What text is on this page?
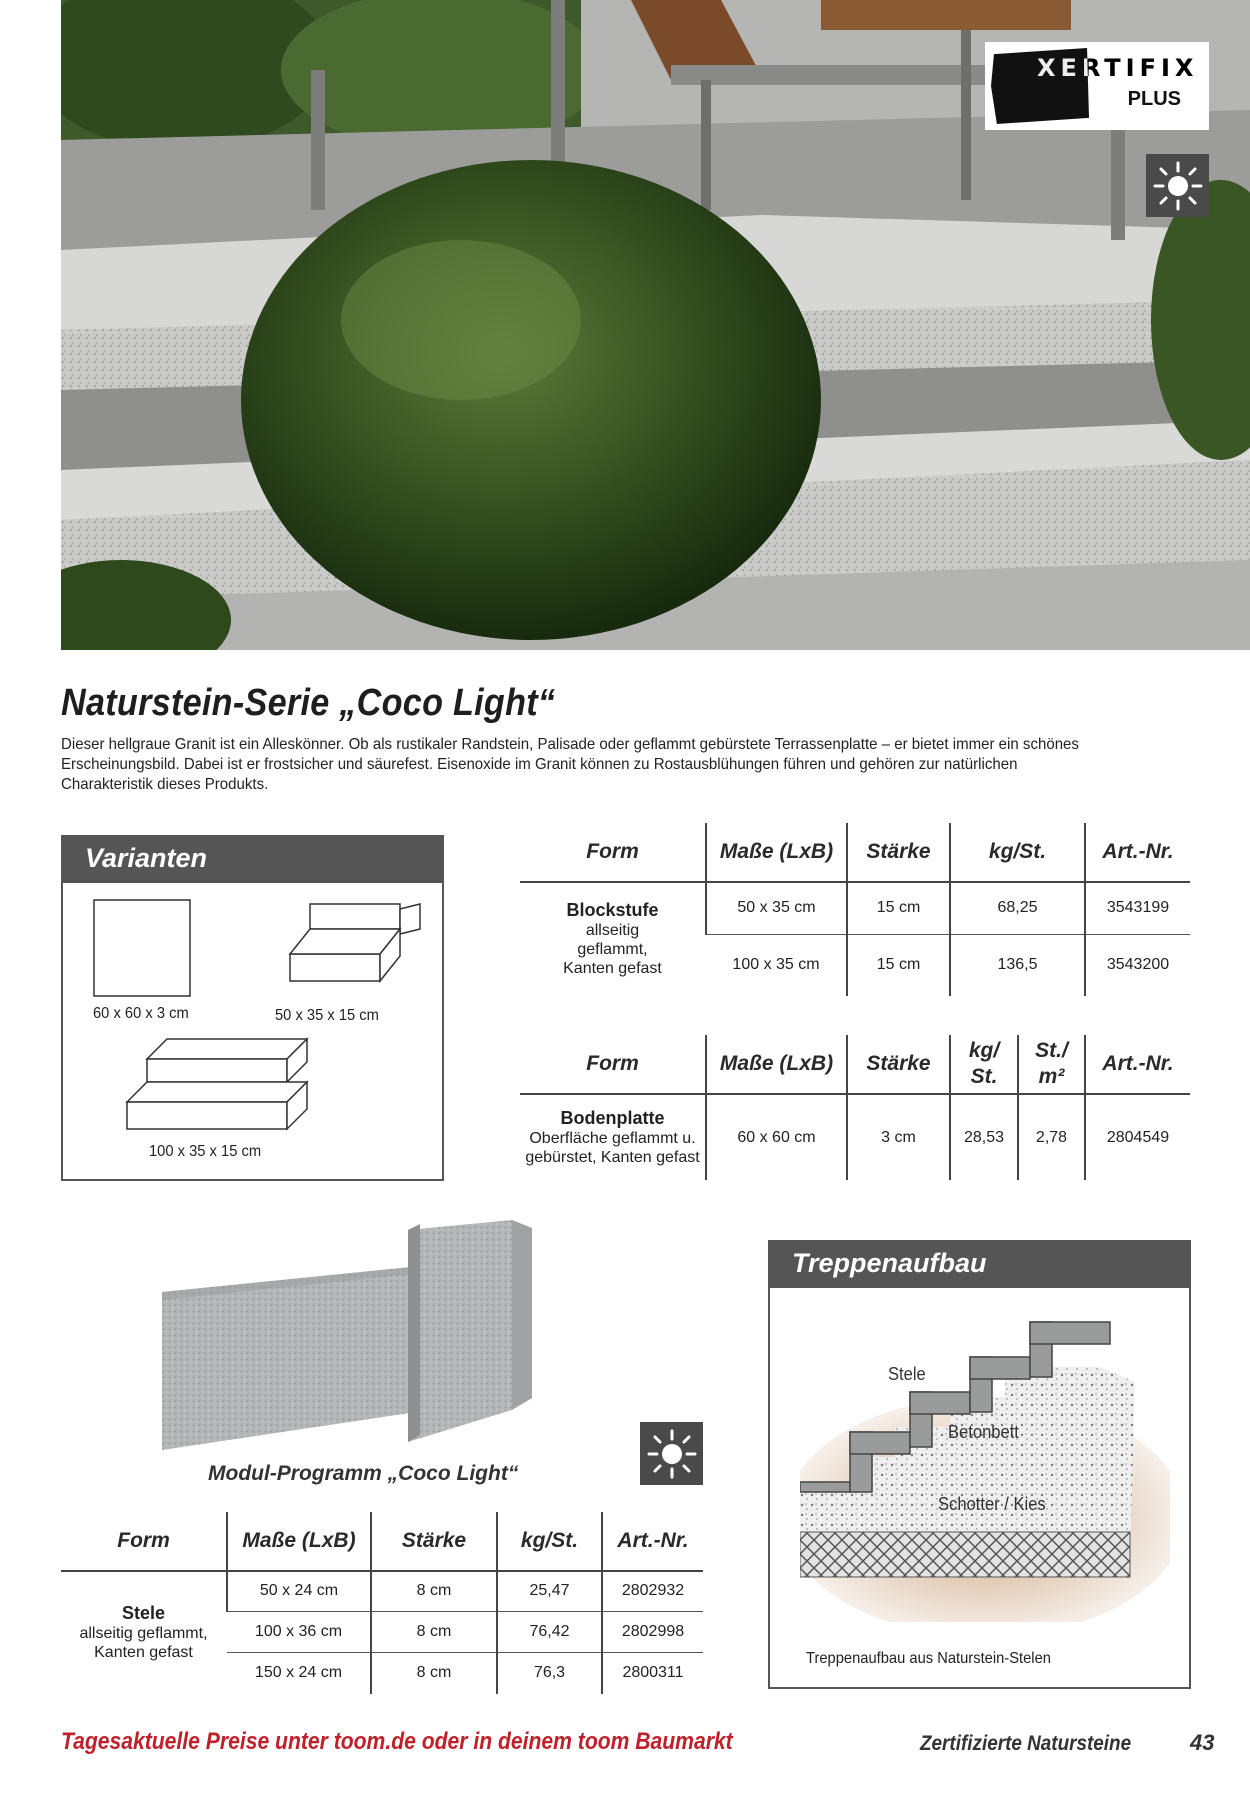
XERTIFIX
PLUS
Naturstein-Serie „Coco Light“
Dieser hellgraue Granit ist ein Alleskönner. Ob als rustikaler Randstein, Palisade oder geflammt gebürstete Terrassenplatte – er bietet immer ein schönes Erscheinungsbild. Dabei ist er frostsicher und säurefest. Eisenoxide im Granit können zu Rostausblühungen führen und gehören zur natürlichen Charakteristik dieses Produkts.
Varianten
60 x 60 x 3 cm	50 x 35 x 15 cm
100 x 35 x 15 cm
Form	Maße (LxB)	Stärke	kg/St.	Art.-Nr.

Blockstufe
allseitig geflammt, Kanten gefast	50 x 35 cm	15 cm	68,25	3543199
	100 x 35 cm	15 cm	136,5	3543200
Form	Maße (LxB)	Stärke	kg/ St.	St./ m²	Art.-Nr.

Bodenplatte
Oberfläche geflammt u. gebürstet, Kanten gefast	60 x 60 cm	3 cm	28,53	2,78	2804549
Modul-Programm „Coco Light“
Form	Maße (LxB)	Stärke	kg/St.	Art.-Nr.

Stele
allseitig geflammt, Kanten gefast	50 x 24 cm	8 cm	25,47	2802932
	100 x 36 cm	8 cm	76,42	2802998
	150 x 24 cm	8 cm	76,3	2800311
Treppenaufbau
Stele
Betonbett
Schotter / Kies
Treppenaufbau aus Naturstein-Stelen
Tagesaktuelle Preise unter toom.de oder in deinem toom Baumarkt	Zertifizierte Natursteine	43
